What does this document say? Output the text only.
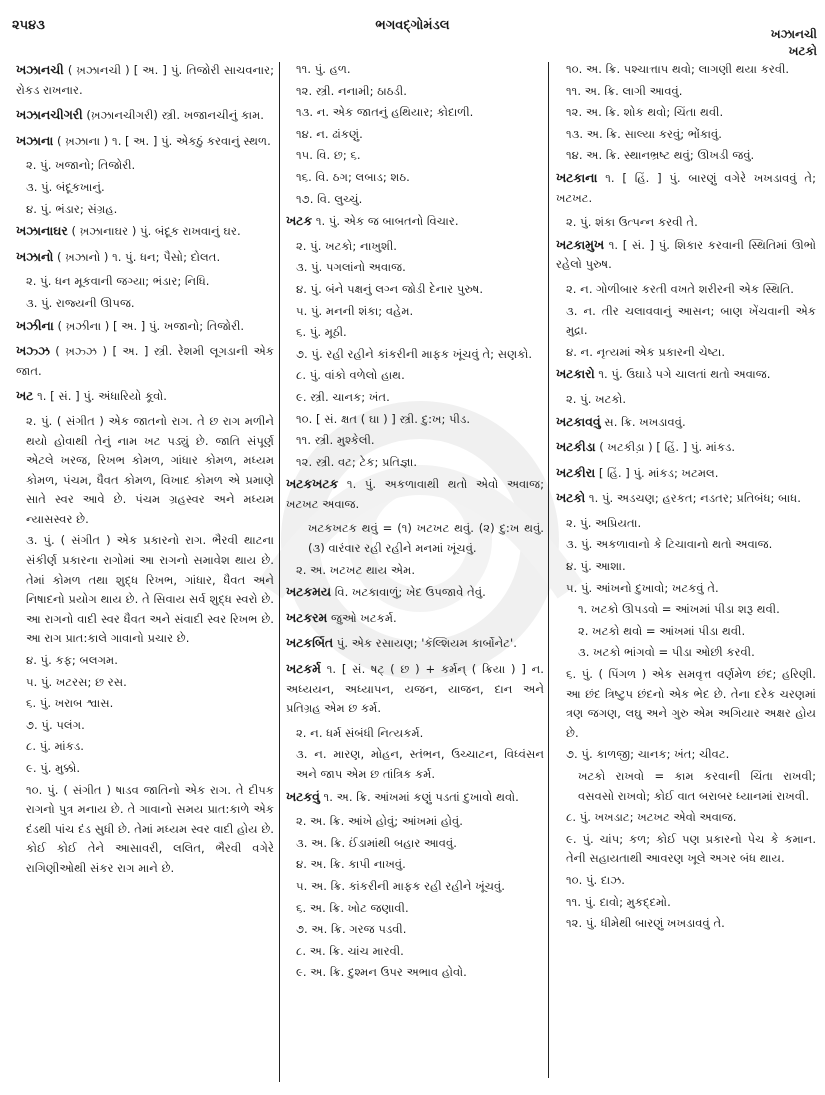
૨૫૪૩	ભગવદ્ગોમંડલ
ખઝાનચી
ખટકો
ખઝાનચી ( ખ઼ઝાનચી ) [ અ. ] પું. તિજોરી સાચવનાર; રોકડ રાખનાર.
ખઝાનચીગરી (ખ઼ઝાનચીગરી) સ્ત્રી. ખજાનચીનું કામ.
ખઝાના ( ખ઼ઝાના ) ૧. [ અ. ] પું. એકઠું કરવાનું સ્થળ.
૨. પું. ખજાનો; તિજોરી.
૩. પું. બંદૂકખાનું.
૪. પું. ભંડાર; સંગ્રહ.
ખઝાનાઘર ( ખ઼ઝાનાઘર ) પું. બંદૂક રાખવાનું ઘર.
ખઝાનો ( ખ઼ઝાનો ) ૧. પું. ધન; પૈસો; દોલત.
૨. પું. ધન મૂકવાની જગ્યા; ભંડાર; નિધિ.
૩. પું. રાજ્યની ઊપજ.
ખઝીના ( ખ઼ઝીના ) [ અ. ] પું. ખજાનો; તિજોરી.
ખઝ્ઝ ( ખ઼ઝ્ઝ ) [ અ. ] સ્ત્રી. રેશમી લૂગડાની એક જાત.
ખટ ૧. [ સં. ] પું. અંધારિયો કૂવો.
૨. પું. ( સંગીત ) એક જાતનો રાગ. તે છ રાગ મળીને થયો હોવાથી તેનું નામ ખટ પડ્યું છે. જાતિ સંપૂર્ણ એટલે ખરજ, રિખભ કોમળ, ગાંધાર કોમળ, મધ્યમ કોમળ, પંચમ, ધૈવત કોમળ, વિખાદ કોમળ એ પ્રમાણે સાતે સ્વર આવે છે. પંચમ ગ્રહસ્વર અને મધ્યમ ન્યાસસ્વર છે.
૩. પું. ( સંગીત ) એક પ્રકારનો રાગ. ભૈરવી થાટના સંકીર્ણ પ્રકારના રાગોમાં આ રાગનો સમાવેશ થાય છે. તેમાં કોમળ તથા શુદ્ધ રિખભ, ગાંધાર, ધૈવત અને નિષાદનો પ્રયોગ થાય છે. તે સિવાય સર્વ શુદ્ધ સ્વરો છે. આ રાગનો વાદી સ્વર ધૈવત અને સંવાદી સ્વર રિખભ છે. આ રાગ પ્રાત:કાલે ગાવાનો પ્રચાર છે.
૪. પું. કફ; બલગમ.
૫. પું. ખટરસ; છ રસ.
૬. પું. ખરાબ શ્વાસ.
૭. પું. પલંગ.
૮. પું. માંકડ.
૯. પું. મુક્કો.
૧૦. પું. ( સંગીત ) ષાડવ જાતિનો એક રાગ. તે દીપક રાગનો પુત્ર મનાય છે. તે ગાવાનો સમય પ્રાત:કાળે એક દંડથી પાંચ દંડ સુધી છે. તેમાં મધ્યમ સ્વર વાદી હોય છે. કોઈ કોઈ તેને આસાવરી, લલિત, ભૈરવી વગેરે રાગિણીઓથી સંકર રાગ માને છે.
૧૧. પું. હળ.
૧૨. સ્ત્રી. નનામી; ઠાઠડી.
૧૩. ન. એક જાતનું હથિયાર; કોદાળી.
૧૪. ન. ઢાંકણું.
૧૫. વિ. છ; ૬.
૧૬. વિ. ઠગ; લબાડ; શઠ.
૧૭. વિ. લુચ્ચું.
ખટક ૧. પું. એક જ બાબતનો વિચાર.
૨. પું. ખટકો; નાખુશી.
૩. પું. પગલાંનો અવાજ.
૪. પું. બંને પક્ષનું લગ્ન જોડી દેનાર પુરુષ.
૫. પું. મનની શંકા; વહેમ.
૬. પું. મૂઠી.
૭. પું. રહી રહીને કાંકરીની માફક ખૂંચવું તે; સણકો.
૮. પું. વાંકો વળેલો હાથ.
૯. સ્ત્રી. ચાનક; ખંત.
૧૦. [ સં. ક્ષત ( ઘા ) ] સ્ત્રી. દુ:ખ; પીડ.
૧૧. સ્ત્રી. મુશ્કેલી.
૧૨. સ્ત્રી. વટ; ટેક; પ્રતિજ્ઞા.
ખટકખટક ૧. પું. અકળાવાથી થતો એવો અવાજ; ખટખટ અવાજ.
ખટકખટક થવું = (૧) ખટખટ થવું. (૨) દુ:ખ થવું. (૩) વારંવાર રહી રહીને મનમાં ખૂંચવું.
૨. અ. ખટખટ થાય એમ.
ખટકમય વિ. ખટકાવાળું; ખેદ ઉપજાવે તેવું.
ખટકરમ જુઓ ખટકર્મ.
ખટકર્બિત પું. એક રસાયણ; 'કૅલ્શિયમ કાર્બોનેટ'.
ખટકર્મ ૧. [ સં. ષટ્ ( છ ) + કર્મન્ ( ક્રિયા ) ] ન. અધ્યયન, અધ્યાપન, યજન, યાજન, દાન અને પ્રતિગ્રહ એમ છ કર્મ.
૨. ન. ધર્મ સંબંધી નિત્યકર્મ.
૩. ન. મારણ, મોહન, સ્તંભન, ઉચ્ચાટન, વિધ્વંસન અને જાપ એમ છ તાંત્રિક કર્મ.
ખટકવું ૧. અ. ક્રિ. આંખમાં કણું પડતાં દુખાવો થવો.
૨. અ. ક્રિ. આંખે હોવું; આંખમાં હોવું.
૩. અ. ક્રિ. ઈંડામાંથી બહાર આવવું.
૪. અ. ક્રિ. કાપી નાખવું.
૫. અ. ક્રિ. કાંકરીની માફક રહી રહીને ખૂંચવું.
૬. અ. ક્રિ. ખોટ જણાવી.
૭. અ. ક્રિ. ગરજ પડવી.
૮. અ. ક્રિ. ચાંચ મારવી.
૯. અ. ક્રિ. દુશ્મન ઉપર અભાવ હોવો.
૧૦. અ. ક્રિ. પશ્ચાત્તાપ થવો; લાગણી થયા કરવી.
૧૧. અ. ક્રિ. લાગી આવવું.
૧૨. અ. ક્રિ. શોક થવો; ચિંતા થવી.
૧૩. અ. ક્રિ. સાલ્યા કરવું; ભોંકાવું.
૧૪. અ. ક્રિ. સ્થાનભ્રષ્ટ થવું; ઊખડી જવું.
ખટકાના ૧. [ હિં. ] પું. બારણું વગેરે ખખડાવવું તે; ખટખટ.
૨. પું. શંકા ઉત્પન્ન કરવી તે.
ખટકામુખ ૧. [ સં. ] પું. શિકાર કરવાની સ્થિતિમાં ઊભો રહેલો પુરુષ.
૨. ન. ગોળીબાર કરતી વખતે શરીરની એક સ્થિતિ.
૩. ન. તીર ચલાવવાનું આસન; બાણ ખેંચવાની એક મુદ્રા.
૪. ન. નૃત્યમાં એક પ્રકારની ચેષ્ટા.
ખટકારો ૧. પું. ઉઘાડે પગે ચાલતાં થતો અવાજ.
૨. પું. ખટકો.
ખટકાવવું સ. ક્રિ. ખખડાવવું.
ખટકીડા ( ખટકીડ઼ા ) [ હિં. ] પું. માંકડ.
ખટકીરા [ હિં. ] પું. માંકડ; ખટમલ.
ખટકો ૧. પું. અડચણ; હરકત; નડતર; પ્રતિબંધ; બાધ.
૨. પું. અપ્રિયતા.
૩. પું. અકળાવાનો કે ટિચાવાનો થતો અવાજ.
૪. પું. આશા.
૫. પું. આંખનો દુખાવો; ખટકવું તે.
૧. ખટકો ઊપડવો = આંખમાં પીડા શરૂ થવી.
૨. ખટકો થવો = આંખમાં પીડા થવી.
૩. ખટકો ભાંગવો = પીડા ઓછી કરવી.
૬. પું. ( પિંગળ ) એક સમવૃત્ત વર્ણમેળ છંદ; હરિણી. આ છંદ ત્રિષ્ટુપ છંદનો એક ભેદ છે. તેના દરેક ચરણમાં ત્રણ જગણ, લઘુ અને ગુરુ એમ અગિયાર અક્ષર હોય છે.
૭. પું. કાળજી; ચાનક; ખંત; ચીવટ.
ખટકો રાખવો = કામ કરવાની ચિંતા રાખવી; વસવસો રાખવો; કોઈ વાત બરાબર ધ્યાનમાં રાખવી.
૮. પું. ખખડાટ; ખટખટ એવો અવાજ.
૯. પું. ચાંપ; કળ; કોઈ પણ પ્રકારનો પેચ કે કમાન. તેની સહાયતાથી આવરણ ખૂલે અગર બંધ થાય.
૧૦. પું. દાઝ.
૧૧. પું. દાવો; મુકદ્દમો.
૧૨. પું. ધીમેથી બારણું ખખડાવવું તે.
